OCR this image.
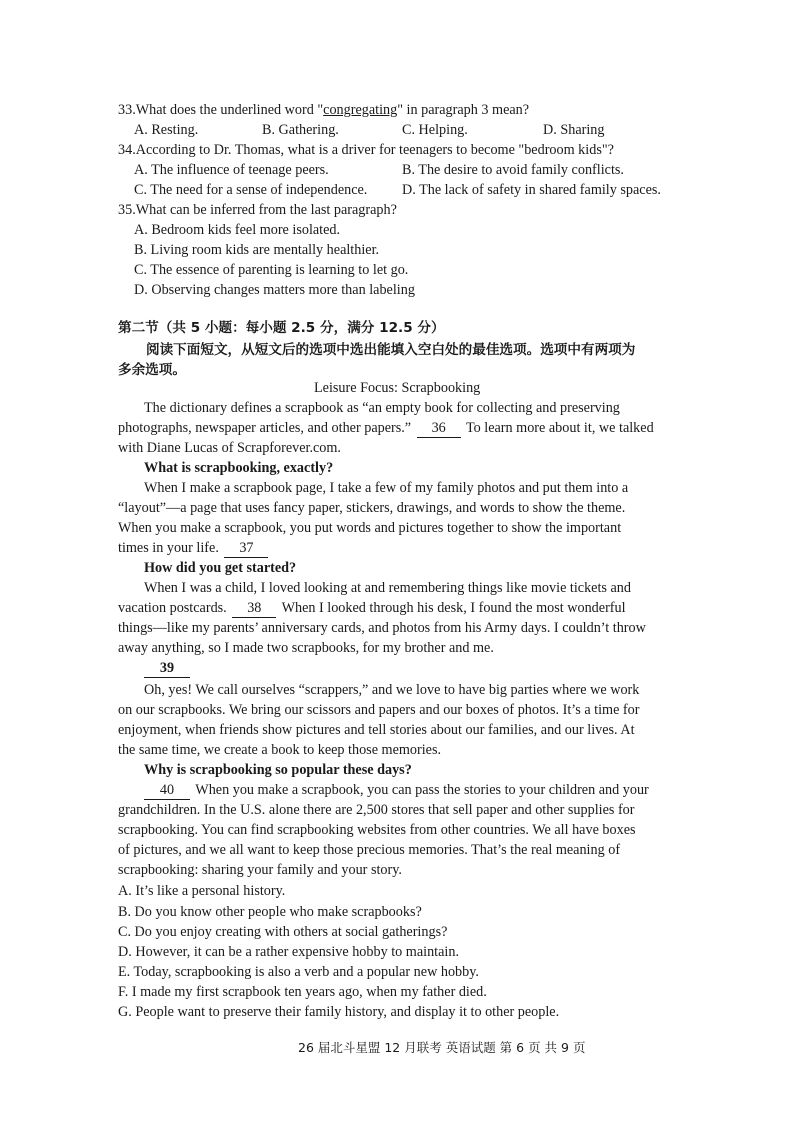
33.What does the underlined word "congregating" in paragraph 3 mean?
A. Resting.	B. Gathering.	C. Helping.	D. Sharing
34.According to Dr. Thomas, what is a driver for teenagers to become "bedroom kids"?
A. The influence of teenage peers.	B. The desire to avoid family conflicts.
C. The need for a sense of independence. D. The lack of safety in shared family spaces.
35.What can be inferred from the last paragraph?
A. Bedroom kids feel more isolated.
B. Living room kids are mentally healthier.
C. The essence of parenting is learning to let go.
D. Observing changes matters more than labeling
第二节（共 5 小题：每小题 2.5 分，满分 12.5 分）
阅读下面短文，从短文后的选项中选出能填入空白处的最佳选项。选项中有两项为
多余选项。
Leisure Focus: Scrapbooking
The dictionary defines a scrapbook as “an empty book for collecting and preserving
photographs, newspaper articles, and other papers.” 36 To learn more about it, we talked
with Diane Lucas of Scrapforever.com.
What is scrapbooking, exactly?
When I make a scrapbook page, I take a few of my family photos and put them into a
“layout”—a page that uses fancy paper, stickers, drawings, and words to show the theme.
When you make a scrapbook, you put words and pictures together to show the important
times in your life. 37
How did you get started?
When I was a child, I loved looking at and remembering things like movie tickets and
vacation postcards. 38 When I looked through his desk, I found the most wonderful
things—like my parents’ anniversary cards, and photos from his Army days. I couldn’t throw
away anything, so I made two scrapbooks, for my brother and me.
39
Oh, yes! We call ourselves “scrappers,” and we love to have big parties where we work
on our scrapbooks. We bring our scissors and papers and our boxes of photos. It’s a time for
enjoyment, when friends show pictures and tell stories about our families, and our lives. At
the same time, we create a book to keep those memories.
Why is scrapbooking so popular these days?
40 When you make a scrapbook, you can pass the stories to your children and your
grandchildren. In the U.S. alone there are 2,500 stores that sell paper and other supplies for
scrapbooking. You can find scrapbooking websites from other countries. We all have boxes
of pictures, and we all want to keep those precious memories. That’s the real meaning of
scrapbooking: sharing your family and your story.
A. It’s like a personal history.
B. Do you know other people who make scrapbooks?
C. Do you enjoy creating with others at social gatherings?
D. However, it can be a rather expensive hobby to maintain.
E. Today, scrapbooking is also a verb and a popular new hobby.
F. I made my first scrapbook ten years ago, when my father died.
G. People want to preserve their family history, and display it to other people.
26 届北斗星盟 12 月联考 英语试题 第 6 页 共 9 页
